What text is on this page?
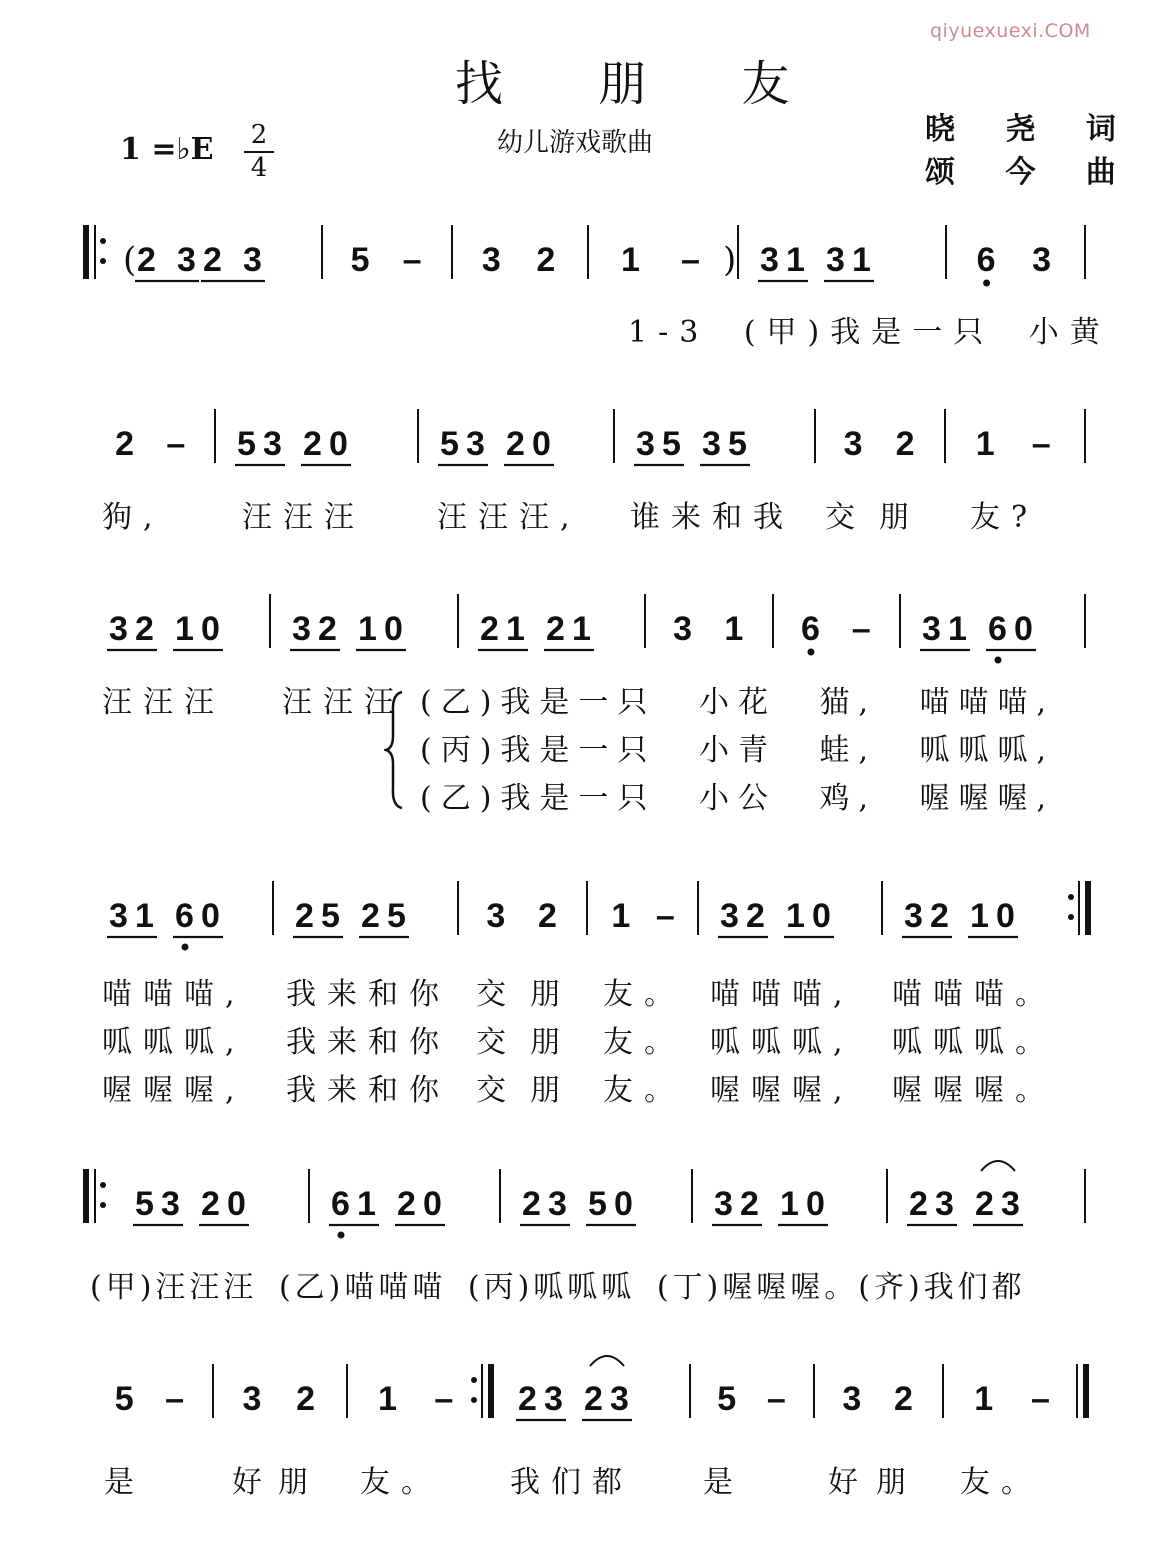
qiyuexuexi.COM
找 朋 友
幼儿游戏歌曲
1 =♭E 2
4
晓 尧 词
颂 今 曲
( 2 3 2 3	5 – 3 2 1 – ) 3 1 3 1	6 3
2 – 5 3 2 0	5 3 2 0	3 5 3 5	3 2 1 –
3 2 1 0 3 2 1 0 2 1 2 1 3 1 6 – 3 1 6 0
3 1 6 0 2 5 2 5 3 2 1 – 3 2 1 0 3 2 1 0
5 3 2 0	6 1 2 0 2 3 5 0 3 2 1 0 2 3 2 3
5 – 3 2 1 – 2 3 2 3	5 – 3 2 1 –
1-3 (甲)我是一只 小黄
狗,	汪汪汪 汪汪汪, 谁来和我 交朋 友?
汪汪汪 汪汪汪 (乙)我是一只 小花 猫, 喵喵喵,
(丙)我是一只 小青 蛙, 呱呱呱,
(乙)我是一只 小公 鸡, 喔喔喔,
喵喵喵, 我来和你 交朋 友。 喵喵喵, 喵喵喵。
呱呱呱, 我来和你 交朋 友。 呱呱呱, 呱呱呱。
喔喔喔, 我来和你 交朋 友。 喔喔喔, 喔喔喔。
(甲)汪汪汪 (乙)喵喵喵 (丙)呱呱呱 (丁)喔喔喔。(齐)我们都
是	好朋 友。 我们都 是	好朋 友。
